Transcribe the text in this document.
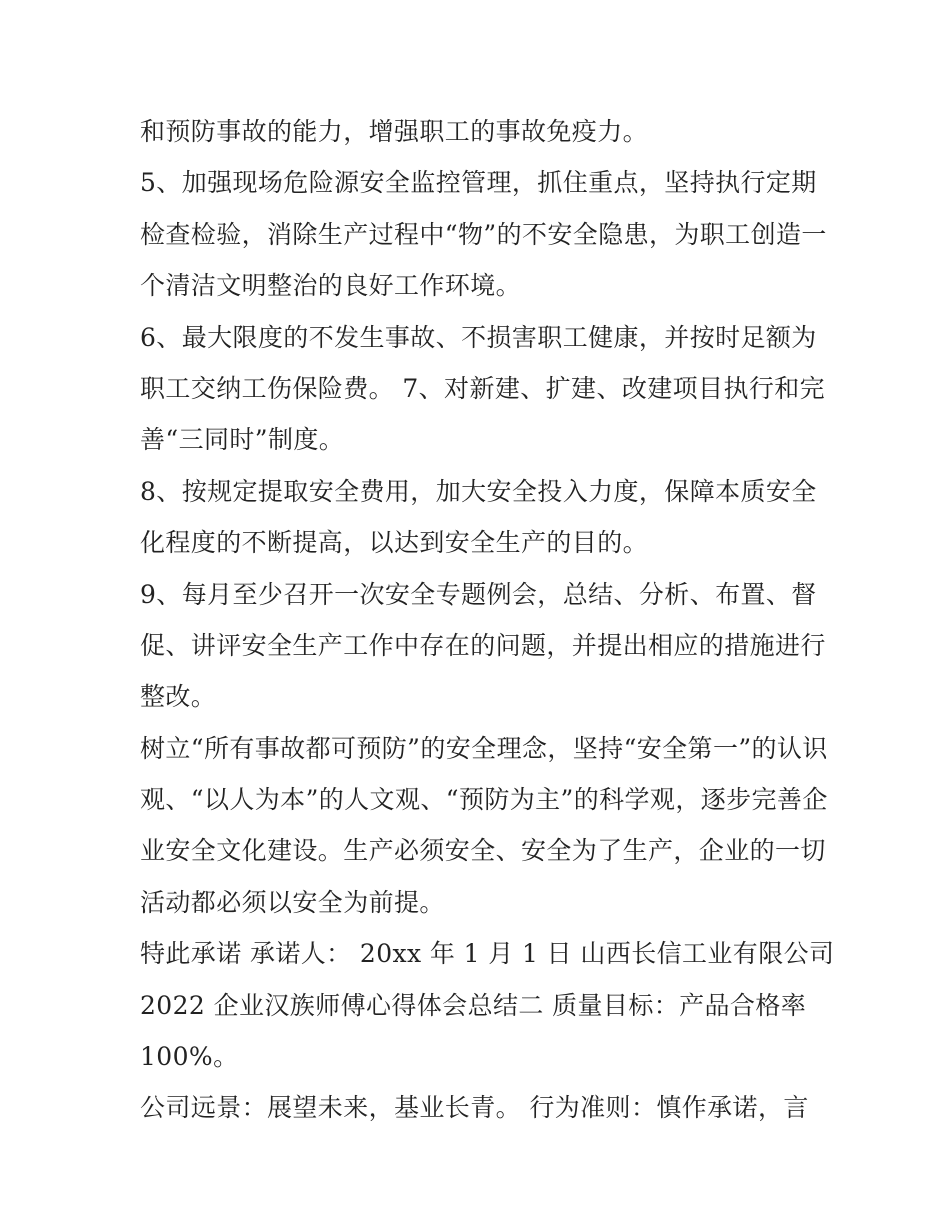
和预防事故的能力，增强职工的事故免疫力。
5、加强现场危险源安全监控管理，抓住重点，坚持执行定期
检查检验，消除生产过程中“物”的不安全隐患，为职工创造一
个清洁文明整治的良好工作环境。
6、最大限度的不发生事故、不损害职工健康，并按时足额为
职工交纳工伤保险费。 7、对新建、扩建、改建项目执行和完
善“三同时”制度。
8、按规定提取安全费用，加大安全投入力度，保障本质安全
化程度的不断提高，以达到安全生产的目的。
9、每月至少召开一次安全专题例会，总结、分析、布置、督
促、讲评安全生产工作中存在的问题，并提出相应的措施进行
整改。
树立“所有事故都可预防”的安全理念，坚持“安全第一”的认识
观、“以人为本”的人文观、“预防为主”的科学观，逐步完善企
业安全文化建设。生产必须安全、安全为了生产，企业的一切
活动都必须以安全为前提。
特此承诺 承诺人： 20xx 年 1 月 1 日 山西长信工业有限公司
2022 企业汉族师傅心得体会总结二 质量目标：产品合格率
100%。
公司远景：展望未来，基业长青。 行为准则：慎作承诺，言
